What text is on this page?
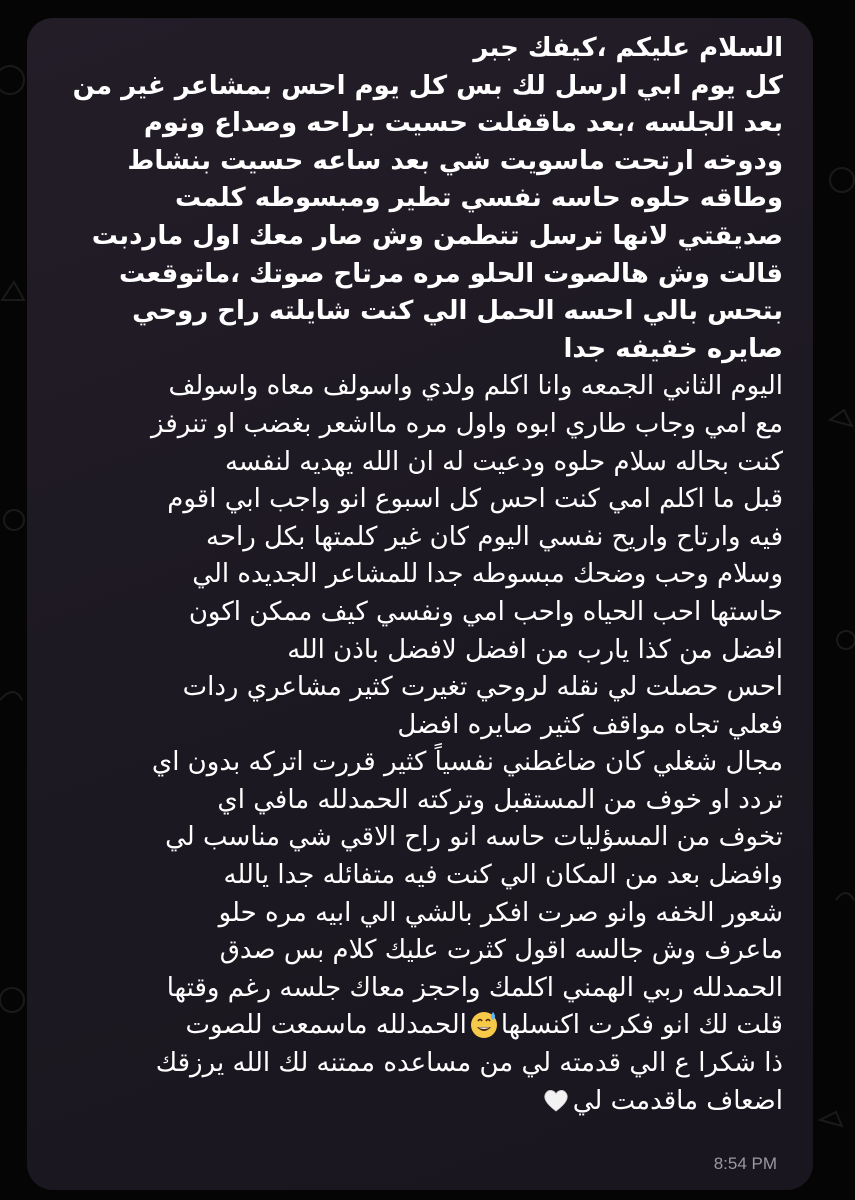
السلام عليكم ،كيفك جبر

كل يوم ابي ارسل لك بس كل يوم احس بمشاعر غير من

بعد الجلسه ،بعد ماقفلت حسيت براحه وصداع ونوم

ودوخه ارتحت ماسويت شي بعد ساعه حسيت بنشاط

وطاقه حلوه حاسه نفسي تطير ومبسوطه كلمت

صديقتي لانها ترسل تتطمن وش صار معك اول ماردبت

قالت وش هالصوت الحلو مره مرتاح صوتك ،ماتوقعت

بتحس بالي احسه الحمل الي كنت شايلته راح روحي

صايره خفيفه جدا

اليوم الثاني الجمعه وانا اكلم ولدي واسولف معاه واسولف

مع امي وجاب طاري ابوه واول مره مااشعر بغضب او تنرفز

كنت بحاله سلام حلوه ودعيت له ان الله يهديه لنفسه

قبل ما اكلم امي كنت احس كل اسبوع انو واجب ابي اقوم

فيه وارتاح واريح نفسي اليوم كان غير كلمتها بكل راحه

وسلام وحب وضحك مبسوطه جدا للمشاعر الجديده الي

حاستها احب الحياه واحب امي ونفسي كيف ممكن اكون

افضل من كذا يارب من افضل لافضل باذن الله

احس حصلت لي نقله لروحي تغيرت كثير مشاعري ردات

فعلي تجاه مواقف كثير صايره افضل

مجال شغلي كان ضاغطني نفسياً كثير قررت اتركه بدون اي

تردد او خوف من المستقبل وتركته الحمدلله مافي اي

تخوف من المسؤليات حاسه انو راح الاقي شي مناسب لي

وافضل بعد من المكان الي كنت فيه متفائله جدا يالله

شعور الخفه وانو صرت افكر بالشي الي ابيه مره حلو

ماعرف وش جالسه اقول كثرت عليك كلام بس صدق

الحمدلله ربي الهمني اكلمك واحجز معاك جلسه رغم وقتها

قلت لك انو فكرت اكنسلهاالحمدلله ماسمعت للصوت

ذا شكرا ع الي قدمته لي من مساعده ممتنه لك الله يرزقك

اضعاف ماقدمت لي

8:54 PM
